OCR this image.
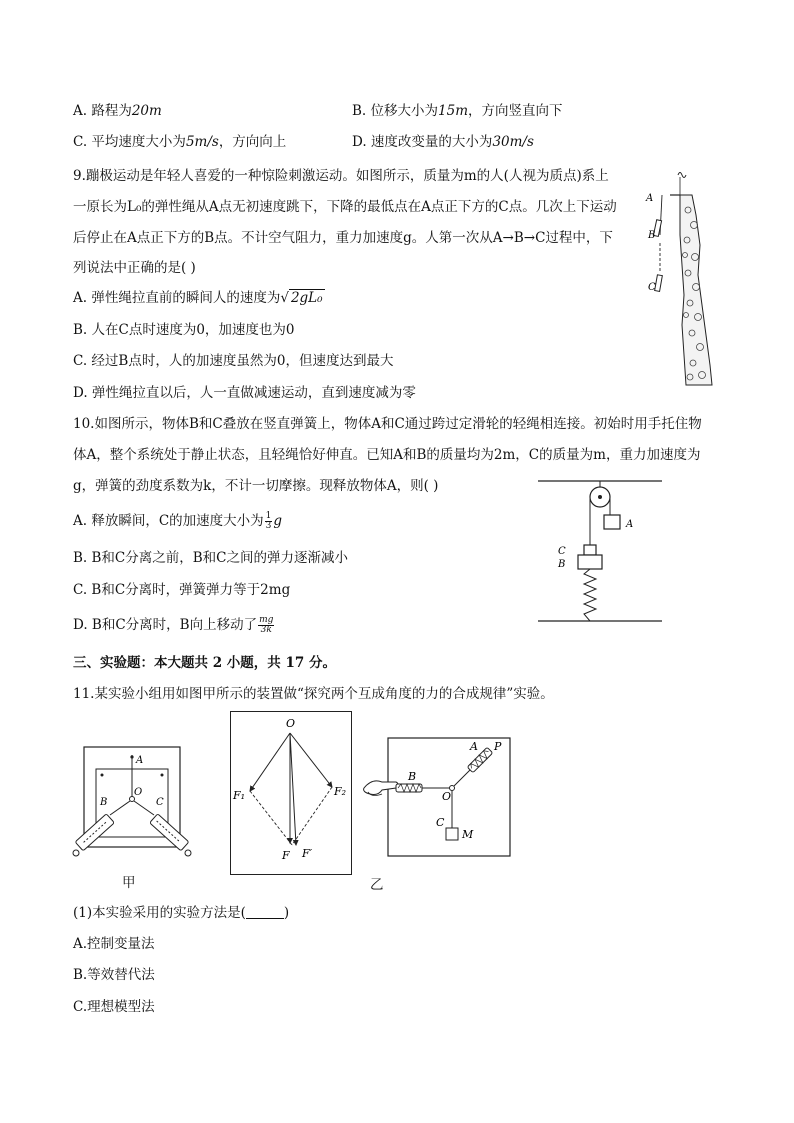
A. 路程为20m	B. 位移大小为15m，方向竖直向下
C. 平均速度大小为5m/s，方向向上	D. 速度改变量的大小为30m/s
9.蹦极运动是年轻人喜爱的一种惊险刺激运动。如图所示，质量为m的人(人视为质点)系上
一原长为L₀的弹性绳从A点无初速度跳下，下降的最低点在A点正下方的C点。几次上下运动
后停止在A点正下方的B点。不计空气阻力，重力加速度g。人第一次从A→B→C过程中，下
列说法中正确的是( )
A. 弹性绳拉直前的瞬间人的速度为√ 2gL₀
B. 人在C点时速度为0，加速度也为0
C. 经过B点时，人的加速度虽然为0，但速度达到最大
D. 弹性绳拉直以后，人一直做减速运动，直到速度减为零
A
B
C
10.如图所示，物体B和C叠放在竖直弹簧上，物体A和C通过跨过定滑轮的轻绳相连接。初始时用手托住物
体A，整个系统处于静止状态，且轻绳恰好伸直。已知A和B的质量均为2m，C的质量为m，重力加速度为
g，弹簧的劲度系数为k，不计一切摩擦。现释放物体A，则( )
A. 释放瞬间，C的加速度大小为 $\frac{1}{3}$ g
B. B和C分离之前，B和C之间的弹力逐渐减小
C. B和C分离时，弹簧弹力等于2mg
D. B和C分离时，B向上移动了 $\frac{mg}{3k}$
A
C
B
三、实验题：本大题共 2 小题，共 17 分。
11.某实验小组用如图甲所示的装置做“探究两个互成角度的力的合成规律”实验。
A
O
B	C
甲
O
F₁	F₂
F F′
B
O
A P
C
M
乙
(1)本实验采用的实验方法是(	)
A.控制变量法
B.等效替代法
C.理想模型法
